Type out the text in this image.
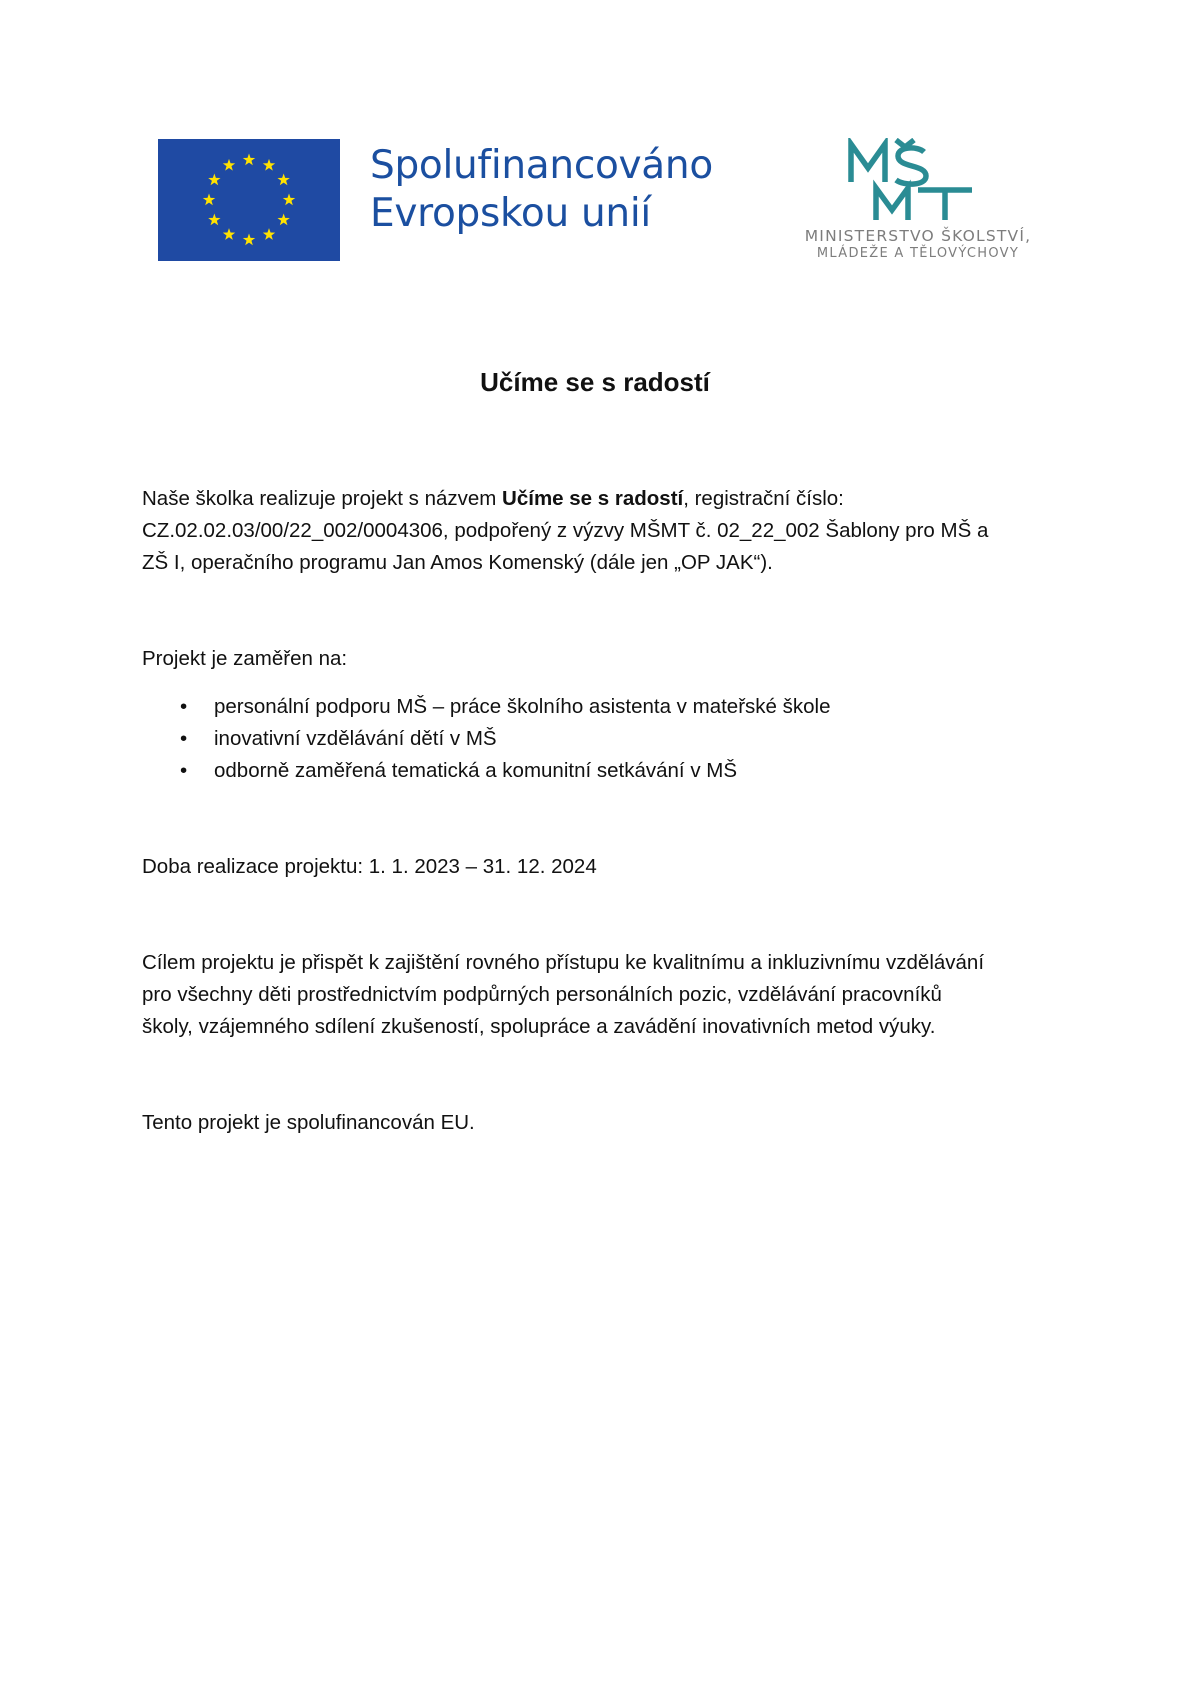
Spolufinancováno
Evropskou unií	MINISTERSTVO ŠKOLSTVÍ,
MLÁDEŽE A TĚLOVÝCHOVY
Učíme se s radostí

Naše školka realizuje projekt s názvem Učíme se s radostí, registrační číslo:
CZ.02.02.03/00/22_002/0004306, podpořený z výzvy MŠMT č. 02_22_002 Šablony pro MŠ a
ZŠ I, operačního programu Jan Amos Komenský (dále jen „OP JAK“).

Projekt je zaměřen na:

• personální podporu MŠ – práce školního asistenta v mateřské škole
• inovativní vzdělávání dětí v MŠ
• odborně zaměřená tematická a komunitní setkávání v MŠ

Doba realizace projektu: 1. 1. 2023 – 31. 12. 2024

Cílem projektu je přispět k zajištění rovného přístupu ke kvalitnímu a inkluzivnímu vzdělávání
pro všechny děti prostřednictvím podpůrných personálních pozic, vzdělávání pracovníků
školy, vzájemného sdílení zkušeností, spolupráce a zavádění inovativních metod výuky.

Tento projekt je spolufinancován EU.
